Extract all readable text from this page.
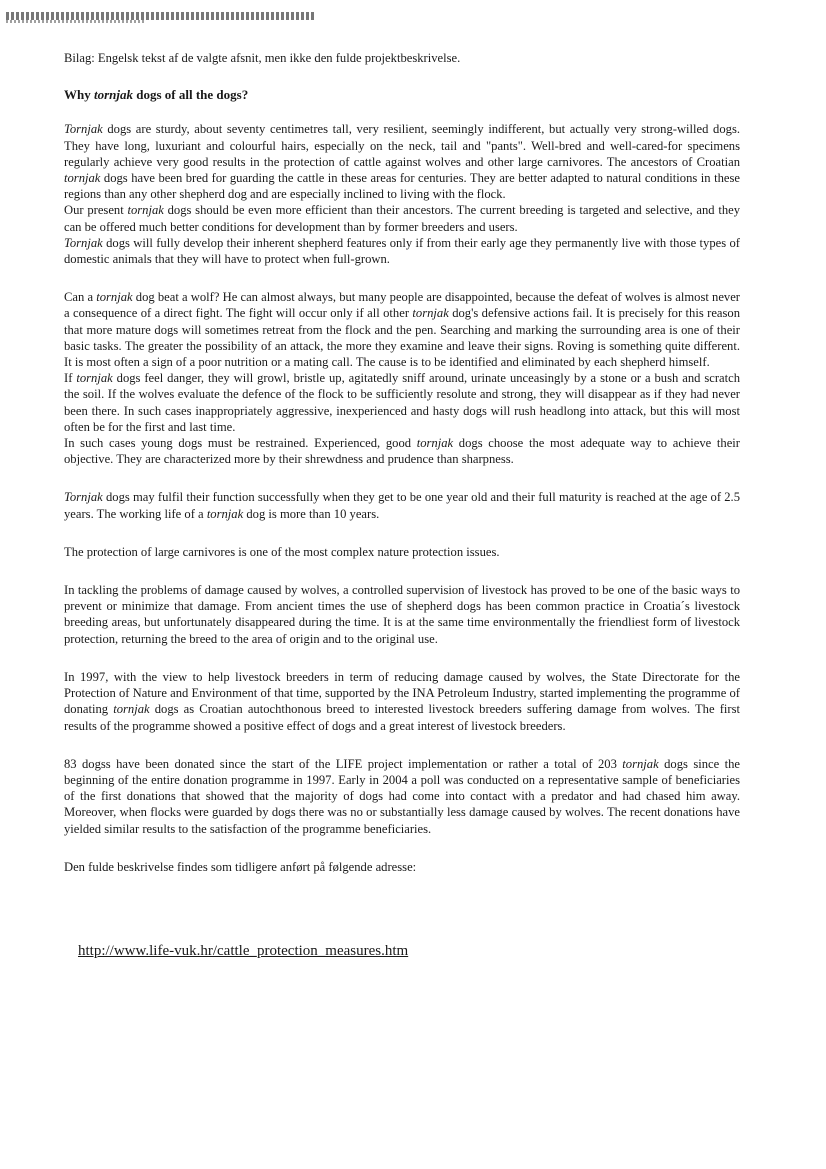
Bilag: Engelsk tekst af de valgte afsnit, men ikke den fulde projektbeskrivelse.

Why tornjak dogs of all the dogs?

Tornjak dogs are sturdy, about seventy centimetres tall, very resilient, seemingly indifferent, but actually very strong-willed dogs. They have long, luxuriant and colourful hairs, especially on the neck, tail and "pants". Well-bred and well-cared-for specimens regularly achieve very good results in the protection of cattle against wolves and other large carnivores. The ancestors of Croatian tornjak dogs have been bred for guarding the cattle in these areas for centuries. They are better adapted to natural conditions in these regions than any other shepherd dog and are especially inclined to living with the flock.

Our present tornjak dogs should be even more efficient than their ancestors. The current breeding is targeted and selective, and they can be offered much better conditions for development than by former breeders and users.
Tornjak dogs will fully develop their inherent shepherd features only if from their early age they permanently live with those types of domestic animals that they will have to protect when full-grown.

Can a tornjak dog beat a wolf? He can almost always, but many people are disappointed, because the defeat of wolves is almost never a consequence of a direct fight. The fight will occur only if all other tornjak dog's defensive actions fail. It is precisely for this reason that more mature dogs will sometimes retreat from the flock and the pen. Searching and marking the surrounding area is one of their basic tasks. The greater the possibility of an attack, the more they examine and leave their signs. Roving is something quite different. It is most often a sign of a poor nutrition or a mating call. The cause is to be identified and eliminated by each shepherd himself.

If tornjak dogs feel danger, they will growl, bristle up, agitatedly sniff around, urinate unceasingly by a stone or a bush and scratch the soil. If the wolves evaluate the defence of the flock to be sufficiently resolute and strong, they will disappear as if they had never been there. In such cases inappropriately aggressive, inexperienced and hasty dogs will rush headlong into attack, but this will most often be for the first and last time.

In such cases young dogs must be restrained. Experienced, good tornjak dogs choose the most adequate way to achieve their objective. They are characterized more by their shrewdness and prudence than sharpness.

Tornjak dogs may fulfil their function successfully when they get to be one year old and their full maturity is reached at the age of 2.5 years. The working life of a tornjak dog is more than 10 years.

The protection of large carnivores is one of the most complex nature protection issues.

In tackling the problems of damage caused by wolves, a controlled supervision of livestock has proved to be one of the basic ways to prevent or minimize that damage. From ancient times the use of shepherd dogs has been common practice in Croatia´s livestock breeding areas, but unfortunately disappeared during the time. It is at the same time environmentally the friendliest form of livestock protection, returning the breed to the area of origin and to the original use.

In 1997, with the view to help livestock breeders in term of reducing damage caused by wolves, the State Directorate for the Protection of Nature and Environment of that time, supported by the INA Petroleum Industry, started implementing the programme of donating tornjak dogs as Croatian autochthonous breed to interested livestock breeders suffering damage from wolves. The first results of the programme showed a positive effect of dogs and a great interest of livestock breeders.

83 dogss have been donated since the start of the LIFE project implementation or rather a total of 203 tornjak dogs since the beginning of the entire donation programme in 1997. Early in 2004 a poll was conducted on a representative sample of beneficiaries of the first donations that showed that the majority of dogs had come into contact with a predator and had chased him away. Moreover, when flocks were guarded by dogs there was no or substantially less damage caused by wolves. The recent donations have yielded similar results to the satisfaction of the programme beneficiaries.

Den fulde beskrivelse findes som tidligere anført på følgende adresse:

http://www.life-vuk.hr/cattle_protection_measures.htm
